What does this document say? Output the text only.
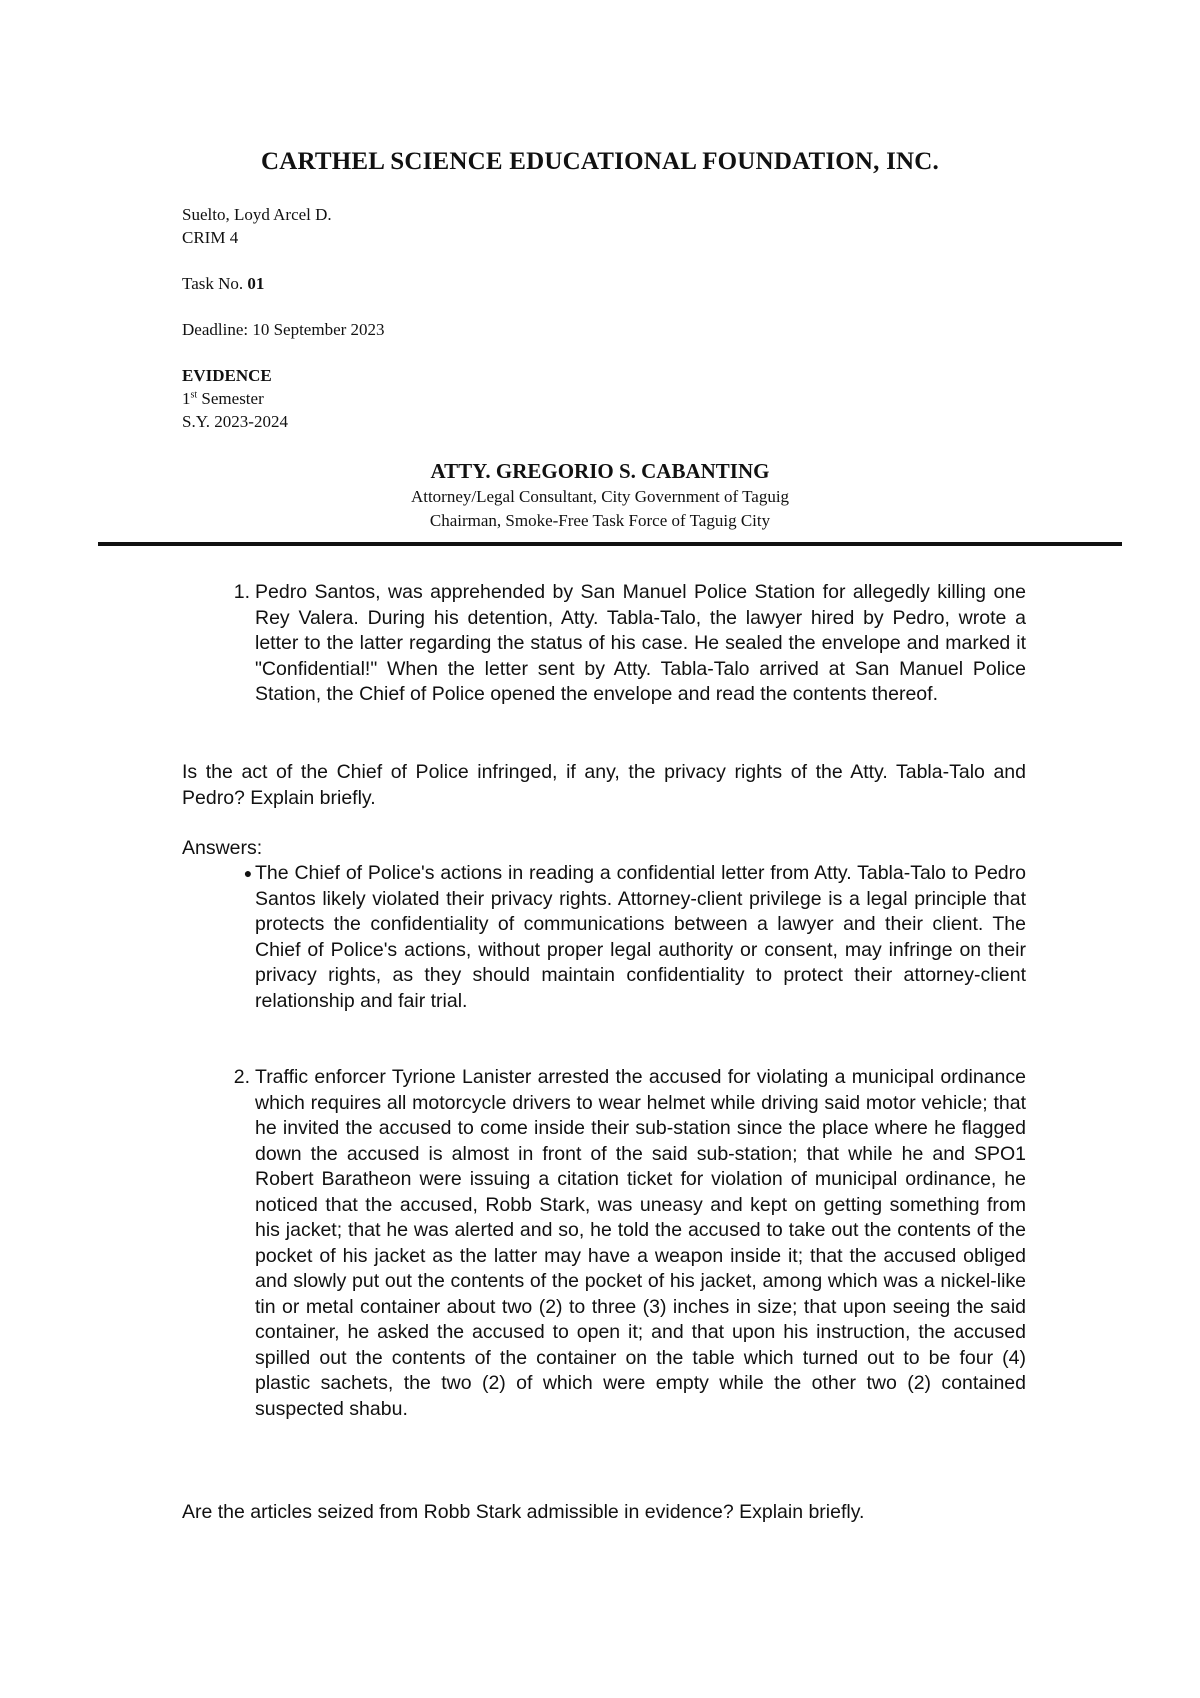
CARTHEL SCIENCE EDUCATIONAL FOUNDATION, INC.
Suelto, Loyd Arcel D.
CRIM 4
Task No. 01
Deadline: 10 September 2023
EVIDENCE
1st Semester
S.Y. 2023-2024
ATTY. GREGORIO S. CABANTING
Attorney/Legal Consultant, City Government of Taguig
Chairman, Smoke-Free Task Force of Taguig City
1. Pedro Santos, was apprehended by San Manuel Police Station for allegedly killing one Rey Valera. During his detention, Atty. Tabla-Talo, the lawyer hired by Pedro, wrote a letter to the latter regarding the status of his case. He sealed the envelope and marked it "Confidential!" When the letter sent by Atty. Tabla-Talo arrived at San Manuel Police Station, the Chief of Police opened the envelope and read the contents thereof.
Is the act of the Chief of Police infringed, if any, the privacy rights of the Atty. Tabla-Talo and Pedro? Explain briefly.
Answers:
● The Chief of Police's actions in reading a confidential letter from Atty. Tabla-Talo to Pedro Santos likely violated their privacy rights. Attorney-client privilege is a legal principle that protects the confidentiality of communications between a lawyer and their client. The Chief of Police's actions, without proper legal authority or consent, may infringe on their privacy rights, as they should maintain confidentiality to protect their attorney-client relationship and fair trial.
2. Traffic enforcer Tyrione Lanister arrested the accused for violating a municipal ordinance which requires all motorcycle drivers to wear helmet while driving said motor vehicle; that he invited the accused to come inside their sub-station since the place where he flagged down the accused is almost in front of the said sub-station; that while he and SPO1 Robert Baratheon were issuing a citation ticket for violation of municipal ordinance, he noticed that the accused, Robb Stark, was uneasy and kept on getting something from his jacket; that he was alerted and so, he told the accused to take out the contents of the pocket of his jacket as the latter may have a weapon inside it; that the accused obliged and slowly put out the contents of the pocket of his jacket, among which was a nickel-like tin or metal container about two (2) to three (3) inches in size; that upon seeing the said container, he asked the accused to open it; and that upon his instruction, the accused spilled out the contents of the container on the table which turned out to be four (4) plastic sachets, the two (2) of which were empty while the other two (2) contained suspected shabu.
Are the articles seized from Robb Stark admissible in evidence? Explain briefly.
